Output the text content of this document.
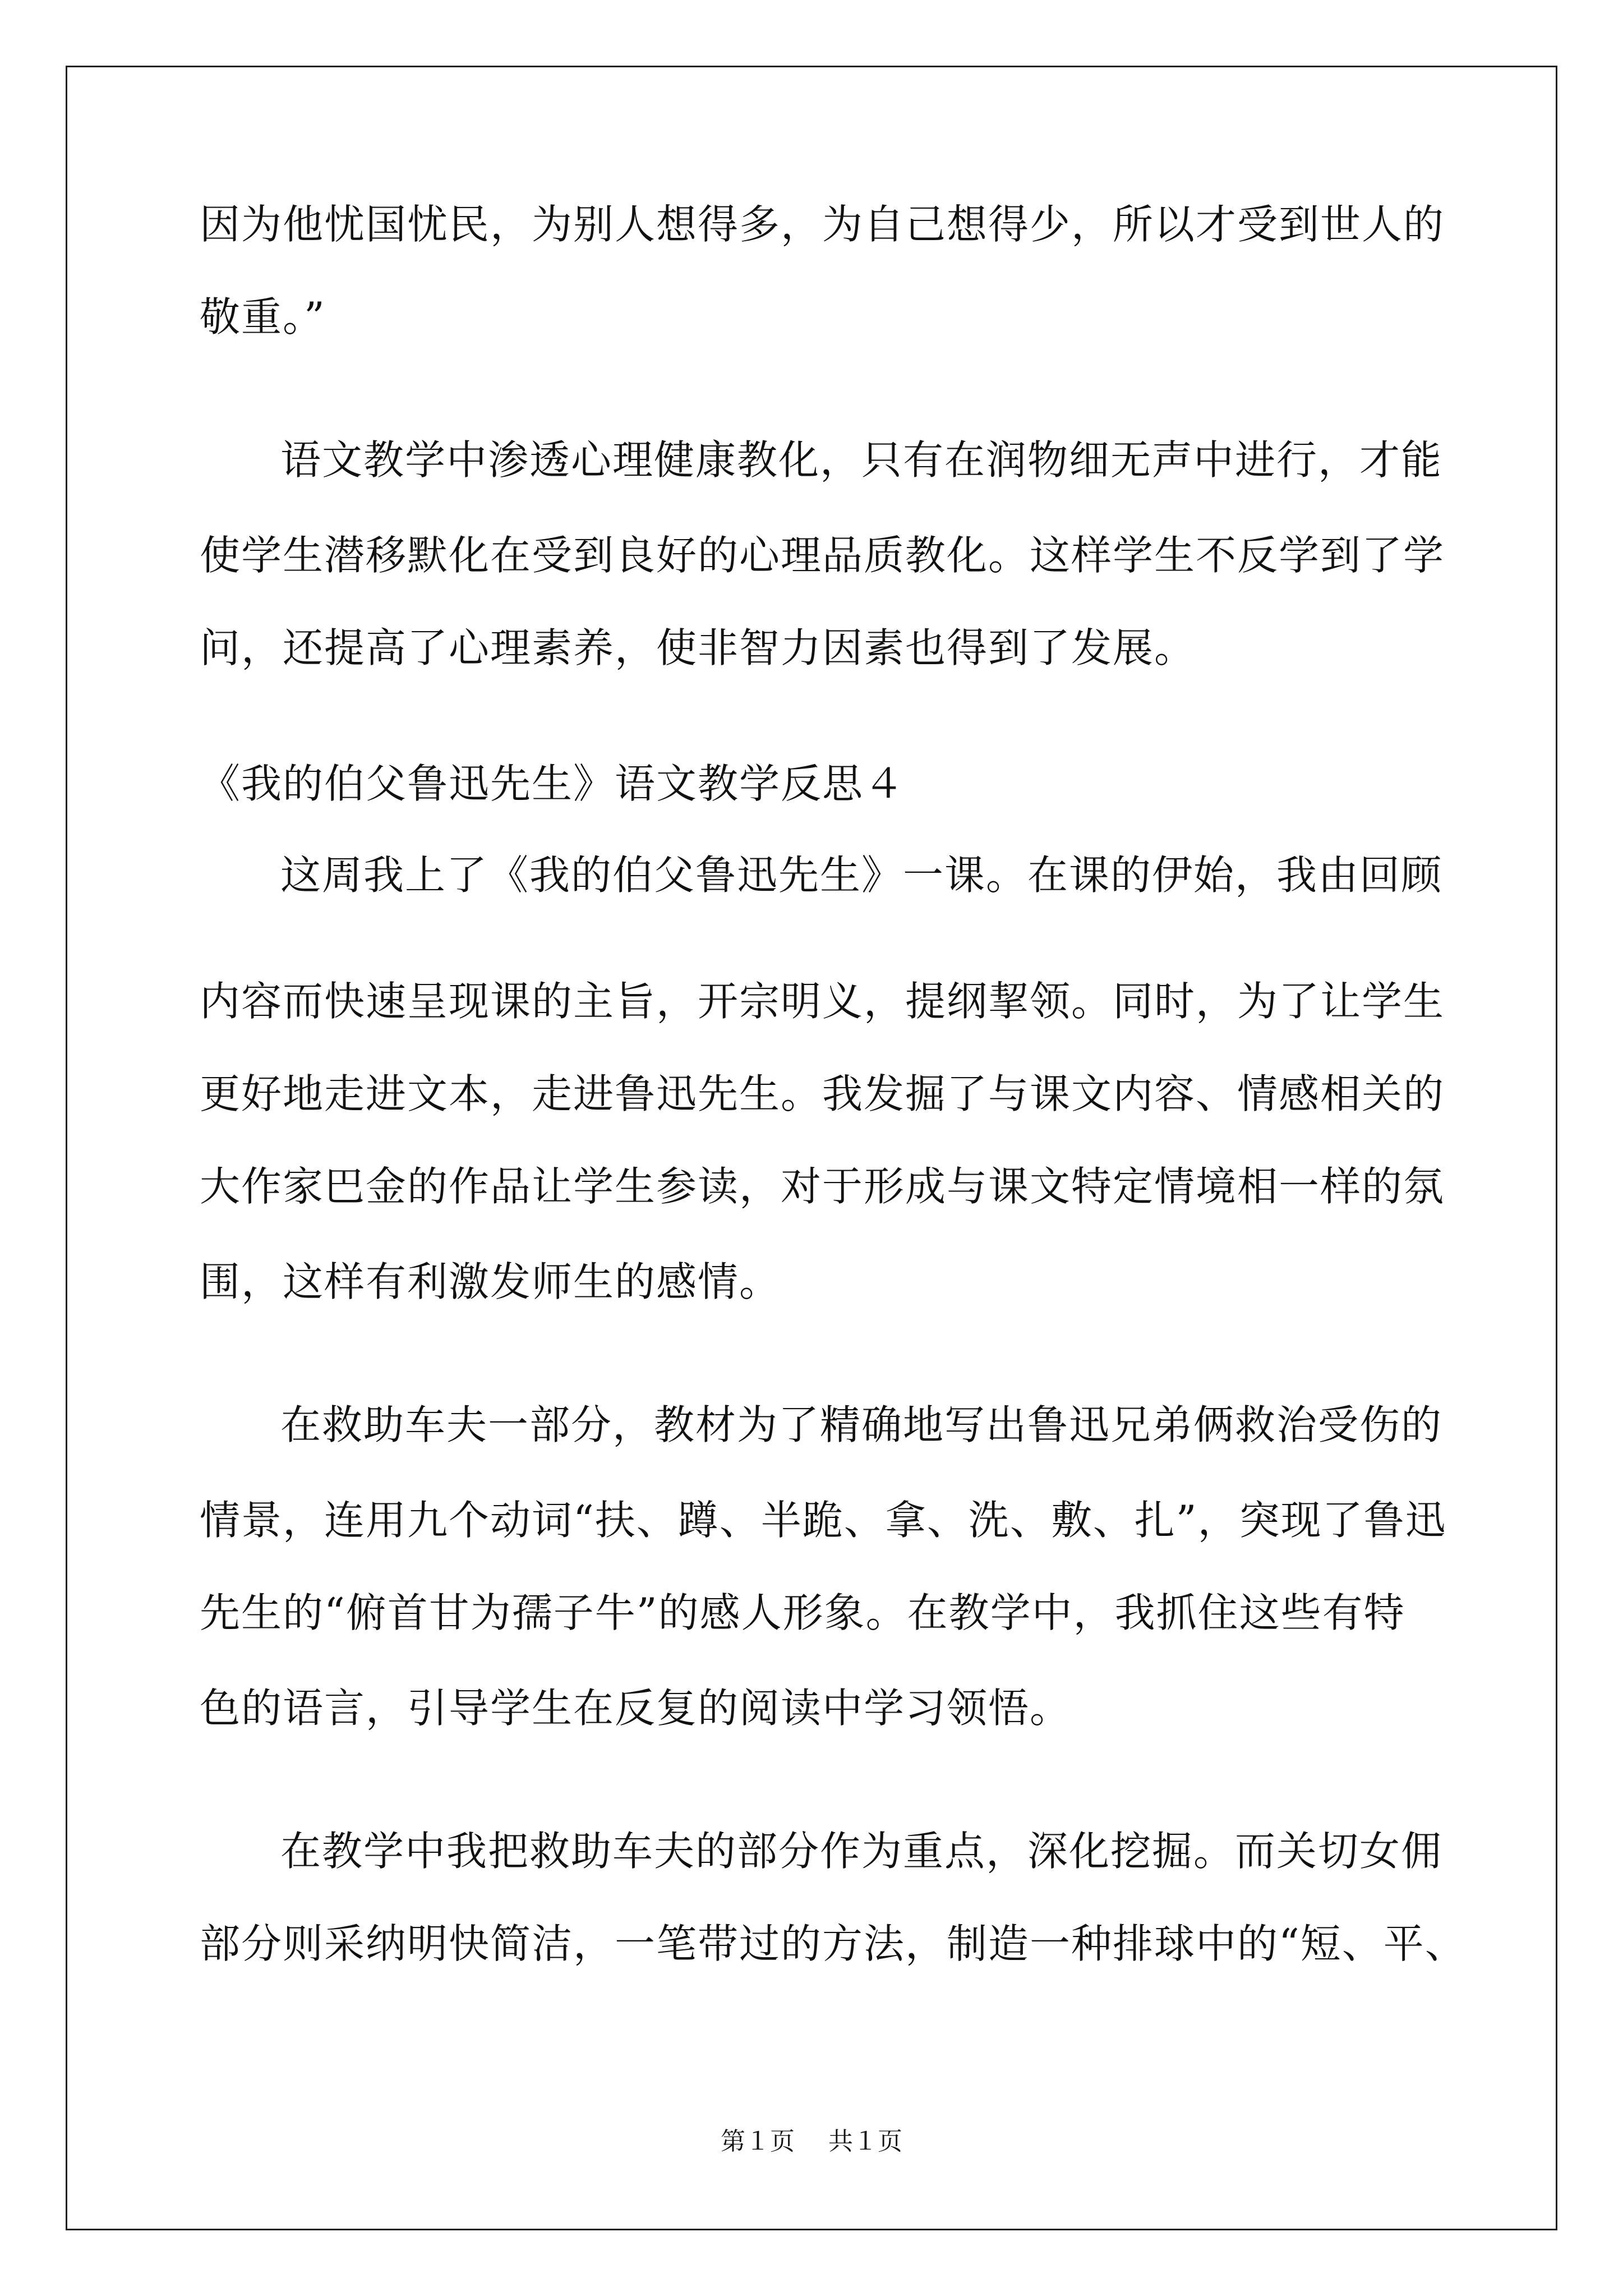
因为他忧国忧民，为别人想得多，为自己想得少，所以才受到世人的
敬重。”
语文教学中渗透心理健康教化，只有在润物细无声中进行，才能
使学生潜移默化在受到良好的心理品质教化。这样学生不反学到了学
问，还提高了心理素养，使非智力因素也得到了发展。
《我的伯父鲁迅先生》语文教学反思４
这周我上了《我的伯父鲁迅先生》一课。在课的伊始，我由回顾
内容而快速呈现课的主旨，开宗明义，提纲挈领。同时，为了让学生
更好地走进文本，走进鲁迅先生。我发掘了与课文内容、情感相关的
大作家巴金的作品让学生参读，对于形成与课文特定情境相一样的氛
围，这样有利激发师生的感情。
在救助车夫一部分，教材为了精确地写出鲁迅兄弟俩救治受伤的
情景，连用九个动词“扶、蹲、半跪、拿、洗、敷、扎”，突现了鲁迅
先生的“俯首甘为孺子牛”的感人形象。在教学中，我抓住这些有特
色的语言，引导学生在反复的阅读中学习领悟。
在教学中我把救助车夫的部分作为重点，深化挖掘。而关切女佣
部分则采纳明快简洁，一笔带过的方法，制造一种排球中的“短、平、
第１页 共１页
